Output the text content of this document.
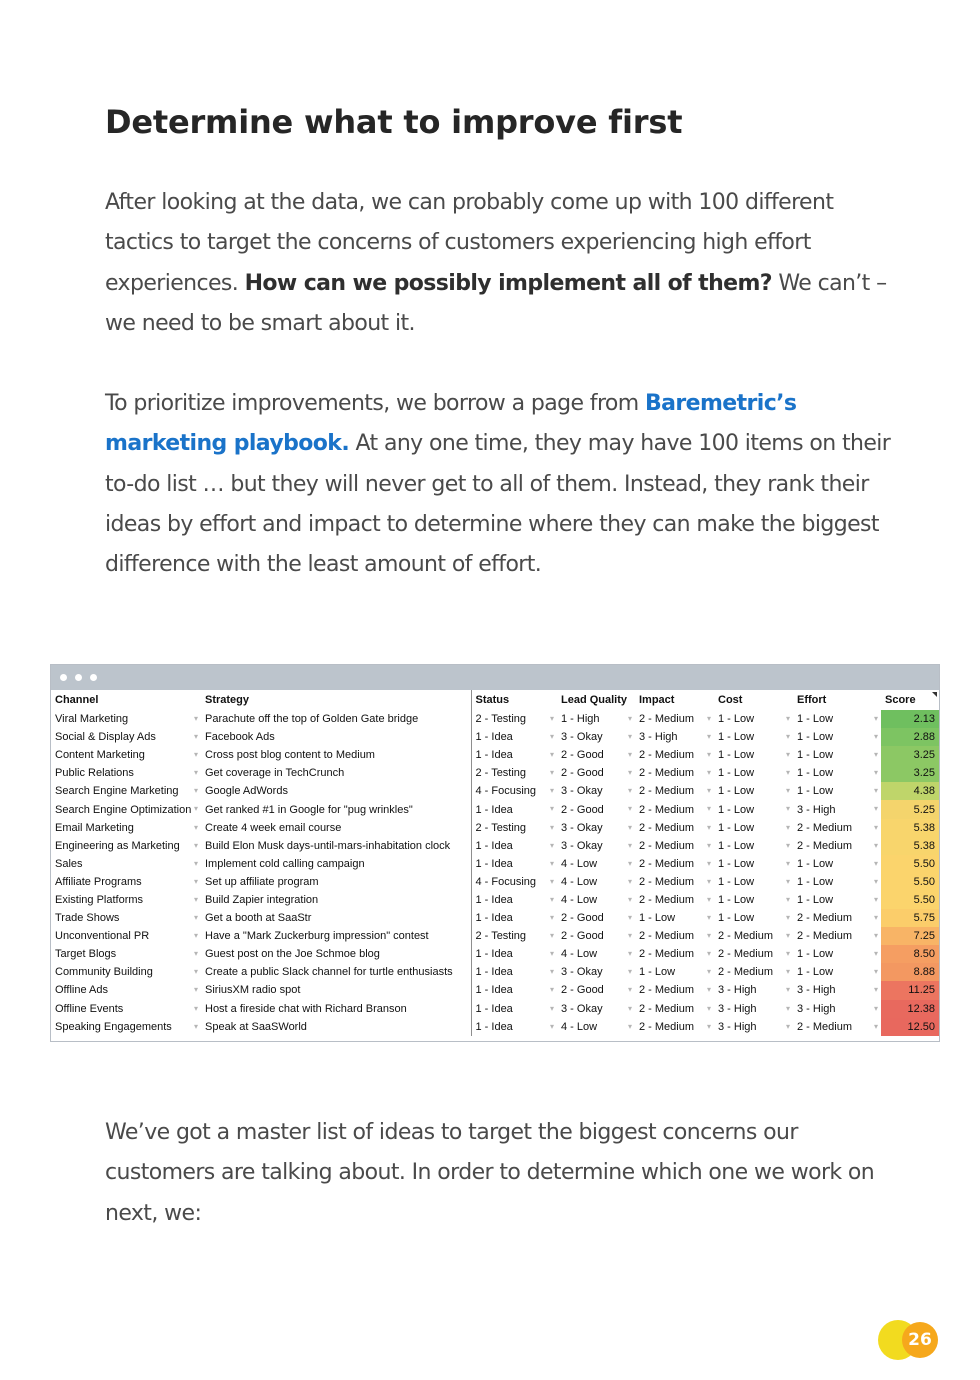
Determine what to improve first

After looking at the data, we can probably come up with 100 different tactics to target the concerns of customers experiencing high effort experiences. How can we possibly implement all of them? We can’t – we need to be smart about it.

To prioritize improvements, we borrow a page from Baremetric’s marketing playbook. At any one time, they may have 100 items on their to-do list … but they will never get to all of them. Instead, they rank their ideas by effort and impact to determine where they can make the biggest difference with the least amount of effort.

Channel	Strategy	Status	Lead Quality	Impact	Cost	Effort	Score
Viral Marketing ▾	Parachute off the top of Golden Gate bridge	2 - Testing ▾	1 - High ▾	2 - Medium ▾	1 - Low ▾	1 - Low ▾	2.13
Social & Display Ads ▾	Facebook Ads	1 - Idea ▾	3 - Okay ▾	3 - High ▾	1 - Low ▾	1 - Low ▾	2.88
Content Marketing ▾	Cross post blog content to Medium	1 - Idea ▾	2 - Good ▾	2 - Medium ▾	1 - Low ▾	1 - Low ▾	3.25
Public Relations ▾	Get coverage in TechCrunch	2 - Testing ▾	2 - Good ▾	2 - Medium ▾	1 - Low ▾	1 - Low ▾	3.25
Search Engine Marketing ▾	Google AdWords	4 - Focusing ▾	3 - Okay ▾	2 - Medium ▾	1 - Low ▾	1 - Low ▾	4.38
Search Engine Optimization ▾	Get ranked #1 in Google for "pug wrinkles"	1 - Idea ▾	2 - Good ▾	2 - Medium ▾	1 - Low ▾	3 - High ▾	5.25
Email Marketing ▾	Create 4 week email course	2 - Testing ▾	3 - Okay ▾	2 - Medium ▾	1 - Low ▾	2 - Medium ▾	5.38
Engineering as Marketing ▾	Build Elon Musk days-until-mars-inhabitation clock	1 - Idea ▾	3 - Okay ▾	2 - Medium ▾	1 - Low ▾	2 - Medium ▾	5.38
Sales ▾	Implement cold calling campaign	1 - Idea ▾	4 - Low ▾	2 - Medium ▾	1 - Low ▾	1 - Low ▾	5.50
Affiliate Programs ▾	Set up affiliate program	4 - Focusing ▾	4 - Low ▾	2 - Medium ▾	1 - Low ▾	1 - Low ▾	5.50
Existing Platforms ▾	Build Zapier integration	1 - Idea ▾	4 - Low ▾	2 - Medium ▾	1 - Low ▾	1 - Low ▾	5.50
Trade Shows ▾	Get a booth at SaaStr	1 - Idea ▾	2 - Good ▾	1 - Low ▾	1 - Low ▾	2 - Medium ▾	5.75
Unconventional PR ▾	Have a "Mark Zuckerburg impression" contest	2 - Testing ▾	2 - Good ▾	2 - Medium ▾	2 - Medium ▾	2 - Medium ▾	7.25
Target Blogs ▾	Guest post on the Joe Schmoe blog	1 - Idea ▾	4 - Low ▾	2 - Medium ▾	2 - Medium ▾	1 - Low ▾	8.50
Community Building ▾	Create a public Slack channel for turtle enthusiasts	1 - Idea ▾	3 - Okay ▾	1 - Low ▾	2 - Medium ▾	1 - Low ▾	8.88
Offline Ads ▾	SiriusXM radio spot	1 - Idea ▾	2 - Good ▾	2 - Medium ▾	3 - High ▾	3 - High ▾	11.25
Offline Events ▾	Host a fireside chat with Richard Branson	1 - Idea ▾	3 - Okay ▾	2 - Medium ▾	3 - High ▾	3 - High ▾	12.38
Speaking Engagements ▾	Speak at SaaSWorld	1 - Idea ▾	4 - Low ▾	2 - Medium ▾	3 - High ▾	2 - Medium ▾	12.50

We’ve got a master list of ideas to target the biggest concerns our customers are talking about. In order to determine which one we work on next, we:

26
